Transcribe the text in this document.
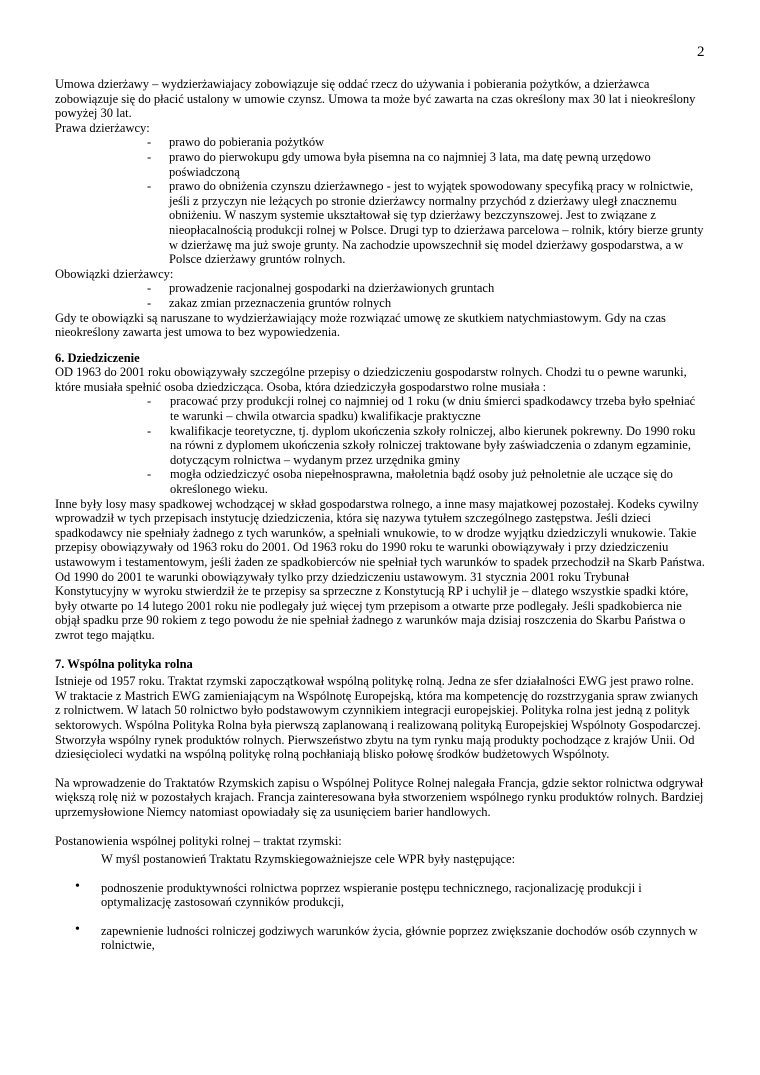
2

Umowa dzierżawy – wydzierżawiajacy zobowiązuje się oddać rzecz do używania i pobierania pożytków, a dzierżawca zobowiązuje się do płacić ustalony w umowie czynsz. Umowa ta może być zawarta na czas określony max 30 lat i nieokreślony powyżej 30 lat.

Prawa dzierżawcy:

- prawo do pobierania pożytków
- prawo do pierwokupu gdy umowa była pisemna na co najmniej 3 lata, ma datę pewną urzędowo poświadczoną
- prawo do obniżenia czynszu dzierżawnego - jest to wyjątek spowodowany specyfiką pracy w rolnictwie, jeśli z przyczyn nie leżących po stronie dzierżawcy normalny przychód z dzierżawy uległ znacznemu obniżeniu. W naszym systemie ukształtował się typ dzierżawy bezczynszowej. Jest to związane z nieopłacalnością produkcji rolnej w Polsce. Drugi typ to dzierżawa parcelowa – rolnik, który bierze grunty w dzierżawę ma już swoje grunty. Na zachodzie upowszechnił się model dzierżawy gospodarstwa, a w Polsce dzierżawy gruntów rolnych.

Obowiązki dzierżawcy:

- prowadzenie racjonalnej gospodarki na dzierżawionych gruntach
- zakaz zmian przeznaczenia gruntów rolnych

Gdy te obowiązki są naruszane to wydzierżawiający może rozwiązać umowę ze skutkiem natychmiastowym. Gdy na czas nieokreślony zawarta jest umowa to bez wypowiedzenia.

6. Dziedziczenie

OD 1963 do 2001 roku obowiązywały szczególne przepisy o dziedziczeniu gospodarstw rolnych. Chodzi tu o pewne warunki, które musiała spełnić osoba dziedzicząca. Osoba, która dziedziczyła gospodarstwo rolne musiała :

- pracować przy produkcji rolnej co najmniej od 1 roku (w dniu śmierci spadkodawcy trzeba było spełniać te warunki – chwila otwarcia spadku) kwalifikacje praktyczne
- kwalifikacje teoretyczne, tj. dyplom ukończenia szkoły rolniczej, albo kierunek pokrewny. Do 1990 roku na równi z dyplomem ukończenia szkoły rolniczej traktowane były zaświadczenia o zdanym egzaminie, dotyczącym rolnictwa – wydanym przez urzędnika gminy
- mogła odziedziczyć osoba niepełnosprawna, małoletnia bądź osoby już pełnoletnie ale uczące się do określonego wieku.

Inne były losy masy spadkowej wchodzącej w skład gospodarstwa rolnego, a inne masy majatkowej pozostałej. Kodeks cywilny wprowadził w tych przepisach instytucję dziedziczenia, która się nazywa tytułem szczególnego zastępstwa. Jeśli dzieci spadkodawcy nie spełniały żadnego z tych warunków, a spełniali wnukowie, to w drodze wyjątku dziedziczyli wnukowie. Takie przepisy obowiązywały od 1963 roku do 2001. Od 1963 roku do 1990 roku te warunki obowiązywały i przy dziedziczeniu ustawowym i testamentowym, jeśli żaden ze spadkobierców nie spełniał tych warunków to spadek przechodził na Skarb Państwa. Od 1990 do 2001 te warunki obowiązywały tylko przy dziedziczeniu ustawowym. 31 stycznia 2001 roku Trybunał Konstytucyjny w wyroku stwierdził że te przepisy sa sprzeczne z Konstytucją RP i uchylił je – dlatego wszystkie spadki które, były otwarte po 14 lutego 2001 roku nie podlegały już więcej tym przepisom a otwarte prze podlegały. Jeśli spadkobierca nie objął spadku prze 90 rokiem z tego powodu że nie spełniał żadnego z warunków maja dzisiaj roszczenia do Skarbu Państwa o zwrot tego majątku.

7. Wspólna polityka rolna

Istnieje od 1957 roku. Traktat rzymski zapoczątkował wspólną politykę rolną. Jedna ze sfer działalności EWG jest prawo rolne. W traktacie z Mastrich EWG zamieniającym na Wspólnotę Europejską, która ma kompetencję do rozstrzygania spraw zwianych z rolnictwem. W latach 50 rolnictwo było podstawowym czynnikiem integracji europejskiej. Polityka rolna jest jedną z polityk sektorowych. Wspólna Polityka Rolna była pierwszą zaplanowaną i realizowaną polityką Europejskiej Wspólnoty Gospodarczej. Stworzyła wspólny rynek produktów rolnych. Pierwszeństwo zbytu na tym rynku mają produkty pochodzące z krajów Unii. Od dziesięcioleci wydatki na wspólną politykę rolną pochłaniają blisko połowę środków budżetowych Wspólnoty.

Na wprowadzenie do Traktatów Rzymskich zapisu o Wspólnej Polityce Rolnej nalegała Francja, gdzie sektor rolnictwa odgrywał większą rolę niż w pozostałych krajach. Francja zainteresowana była stworzeniem wspólnego rynku produktów rolnych. Bardziej uprzemysłowione Niemcy natomiast opowiadały się za usunięciem barier handlowych.

Postanowienia wspólnej polityki rolnej – traktat rzymski:

W myśl postanowień Traktatu Rzymskiegoważniejsze cele WPR były następujące:

• podnoszenie produktywności rolnictwa poprzez wspieranie postępu technicznego, racjonalizację produkcji i optymalizację zastosowań czynników produkcji,
• zapewnienie ludności rolniczej godziwych warunków życia, głównie poprzez zwiększanie dochodów osób czynnych w rolnictwie,
